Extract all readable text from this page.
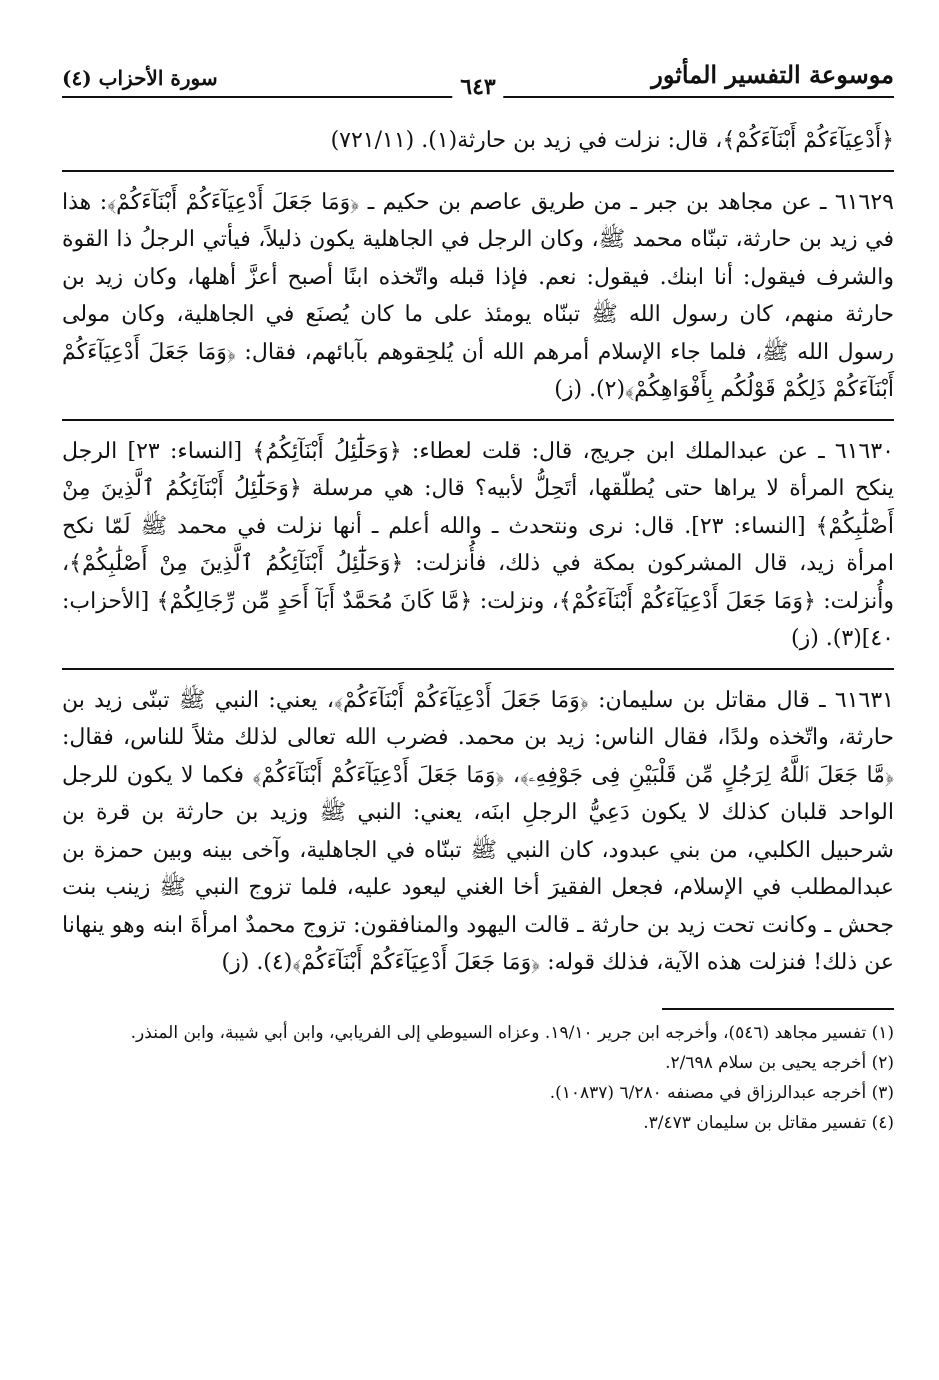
موسوعة التفسير المأثور
٦٤٣
سورة الأحزاب (٤)

﴿أَدْعِيَآءَكُمْ أَبْنَآءَكُمْ﴾، قال: نزلت في زيد بن حارثة(١). (٧٢١/١١)

٦١٦٢٩ ـ عن مجاهد بن جبر ـ من طريق عاصم بن حكيم ـ ﴿وَمَا جَعَلَ أَدْعِيَآءَكُمْ أَبْنَآءَكُمْ﴾: هذا في زيد بن حارثة، تبنّاه محمد ﷺ، وكان الرجل في الجاهلية يكون ذليلاً، فيأتي الرجلُ ذا القوة والشرف فيقول: أنا ابنك. فيقول: نعم. فإذا قبله واتّخذه ابنًا أصبح أعزَّ أهلها، وكان زيد بن حارثة منهم، كان رسول الله ﷺ تبنّاه يومئذ على ما كان يُصنَع في الجاهلية، وكان مولى رسول الله ﷺ، فلما جاء الإسلام أمرهم الله أن يُلحِقوهم بآبائهم، فقال: ﴿وَمَا جَعَلَ أَدْعِيَآءَكُمْ أَبْنَآءَكُمْ ذَلِكُمْ قَوْلُكُم بِأَفْوَاهِكُمْ﴾(٢). (ز)

٦١٦٣٠ ـ عن عبدالملك ابن جريج، قال: قلت لعطاء: ﴿وَحَلَٰٓئِلُ أَبْنَآئِكُمُ﴾ [النساء: ٢٣] الرجل ينكح المرأة لا يراها حتى يُطلّقها، أتَحِلُّ لأبيه؟ قال: هي مرسلة ﴿وَحَلَٰٓئِلُ أَبْنَآئِكُمُ ٱلَّذِينَ مِنْ أَصْلَٰبِكُمْ﴾ [النساء: ٢٣]. قال: نرى ونتحدث ـ والله أعلم ـ أنها نزلت في محمد ﷺ لَمّا نكح امرأة زيد، قال المشركون بمكة في ذلك، فأُنزلت: ﴿وَحَلَٰٓئِلُ أَبْنَآئِكُمُ ٱلَّذِينَ مِنْ أَصْلَٰبِكُمْ﴾، وأُنزلت: ﴿وَمَا جَعَلَ أَدْعِيَآءَكُمْ أَبْنَآءَكُمْ﴾، ونزلت: ﴿مَّا كَانَ مُحَمَّدٌ أَبَآ أَحَدٍ مِّن رِّجَالِكُمْ﴾ [الأحزاب: ٤٠](٣). (ز)

٦١٦٣١ ـ قال مقاتل بن سليمان: ﴿وَمَا جَعَلَ أَدْعِيَآءَكُمْ أَبْنَآءَكُمْ﴾، يعني: النبي ﷺ تبنّى زيد بن حارثة، واتّخذه ولدًا، فقال الناس: زيد بن محمد. فضرب الله تعالى لذلك مثلاً للناس، فقال: ﴿مَّا جَعَلَ ٱللَّهُ لِرَجُلٍ مِّن قَلْبَيْنِ فِى جَوْفِهِۦ﴾، ﴿وَمَا جَعَلَ أَدْعِيَآءَكُمْ أَبْنَآءَكُمْ﴾ فكما لا يكون للرجل الواحد قلبان كذلك لا يكون دَعِيُّ الرجلِ ابنَه، يعني: النبي ﷺ وزيد بن حارثة بن قرة بن شرحبيل الكلبي، من بني عبدود، كان النبي ﷺ تبنّاه في الجاهلية، وآخى بينه وبين حمزة بن عبدالمطلب في الإسلام، فجعل الفقيرَ أخا الغني ليعود عليه، فلما تزوج النبي ﷺ زينب بنت جحش ـ وكانت تحت زيد بن حارثة ـ قالت اليهود والمنافقون: تزوج محمدٌ امرأةَ ابنه وهو ينهانا عن ذلك! فنزلت هذه الآية، فذلك قوله: ﴿وَمَا جَعَلَ أَدْعِيَآءَكُمْ أَبْنَآءَكُمْ﴾(٤). (ز)

(١) تفسير مجاهد (٥٤٦)، وأخرجه ابن جرير ١٩/١٠. وعزاه السيوطي إلى الفريابي، وابن أبي شيبة، وابن المنذر.

(٢) أخرجه يحيى بن سلام ٢/٦٩٨.

(٣) أخرجه عبدالرزاق في مصنفه ٦/٢٨٠ (١٠٨٣٧).

(٤) تفسير مقاتل بن سليمان ٣/٤٧٣.
